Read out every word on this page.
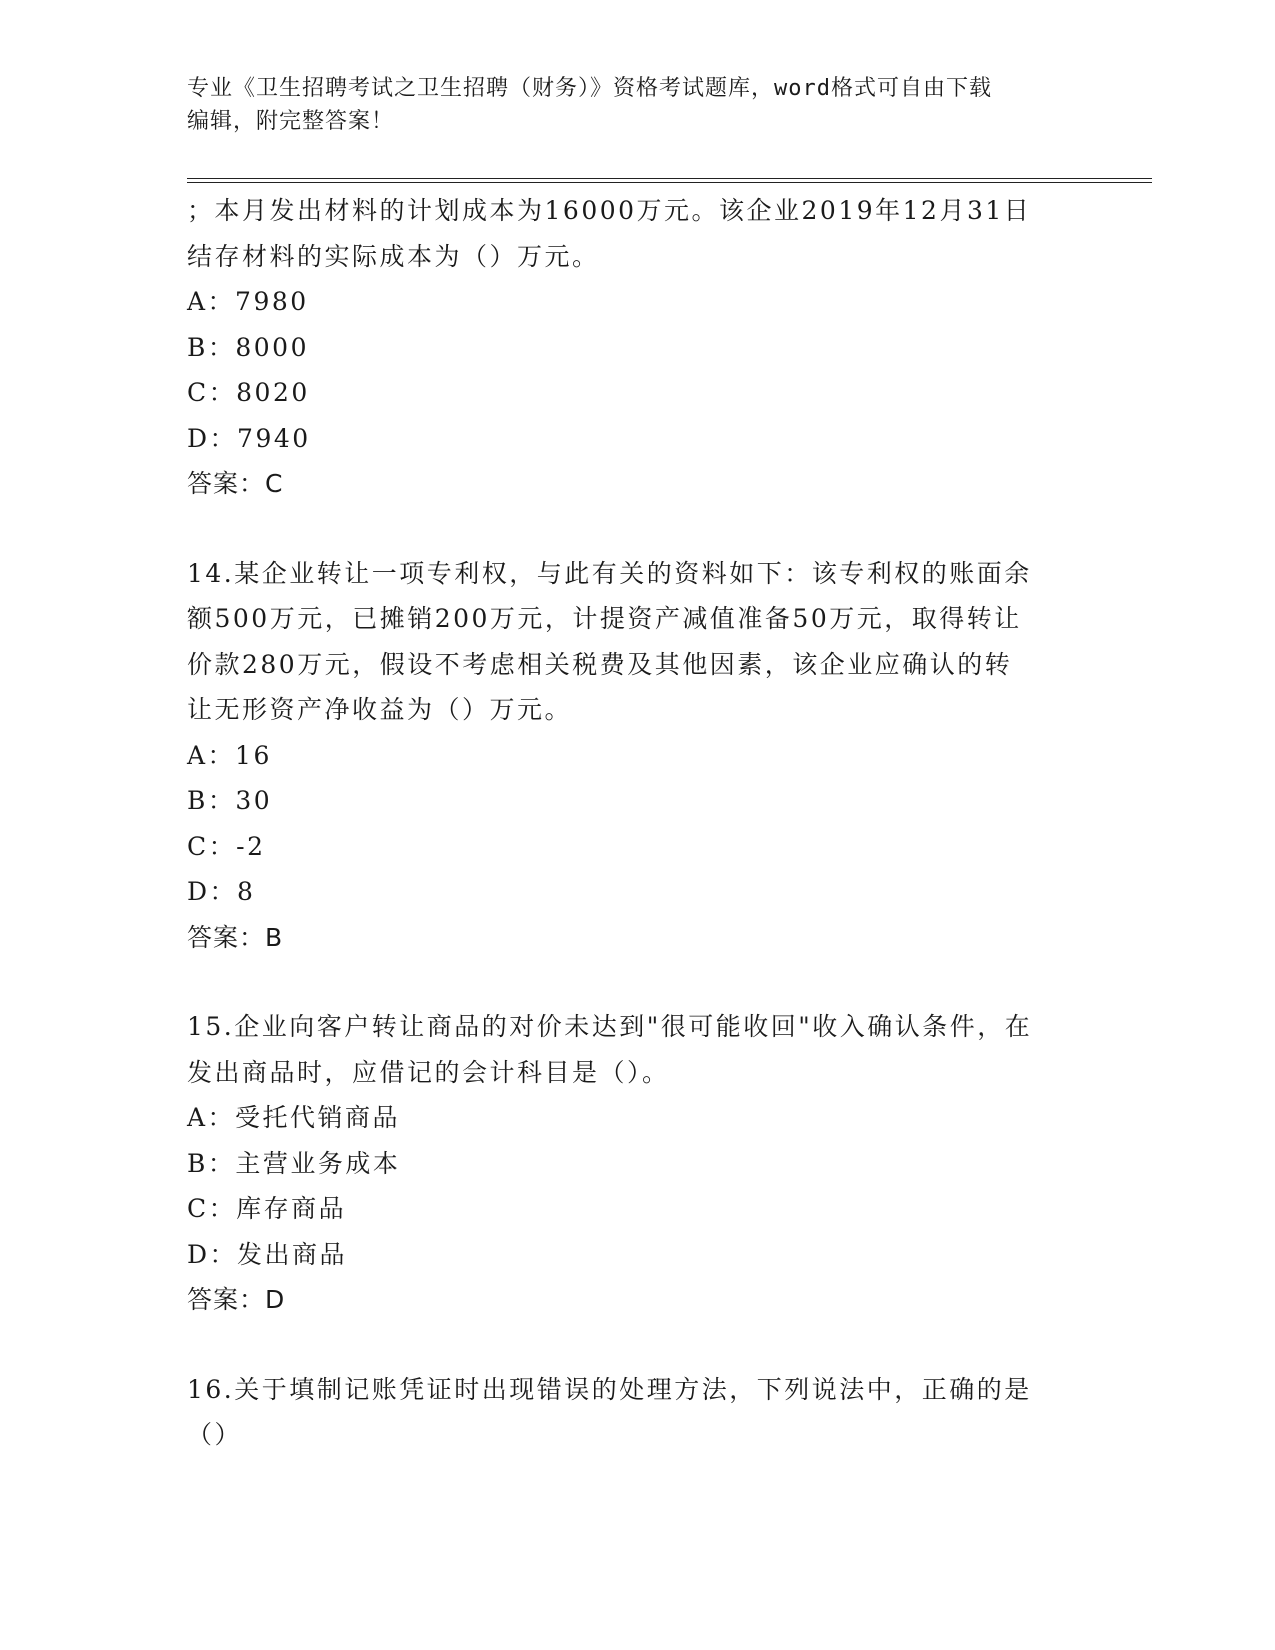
专业《卫生招聘考试之卫生招聘（财务）》资格考试题库，word格式可自由下载
编辑，附完整答案！
；本月发出材料的计划成本为16000万元。该企业2019年12月31日
结存材料的实际成本为（）万元。
A：7980
B：8000
C：8020
D：7940
答案：C
14.某企业转让一项专利权，与此有关的资料如下：该专利权的账面余
额500万元，已摊销200万元，计提资产减值准备50万元，取得转让
价款280万元，假设不考虑相关税费及其他因素，该企业应确认的转
让无形资产净收益为（）万元。
A：16
B：30
C：-2
D：8
答案：B
15.企业向客户转让商品的对价未达到"很可能收回"收入确认条件，在
发出商品时，应借记的会计科目是（）。
A：受托代销商品
B：主营业务成本
C：库存商品
D：发出商品
答案：D
16.关于填制记账凭证时出现错误的处理方法，下列说法中，正确的是
（）
